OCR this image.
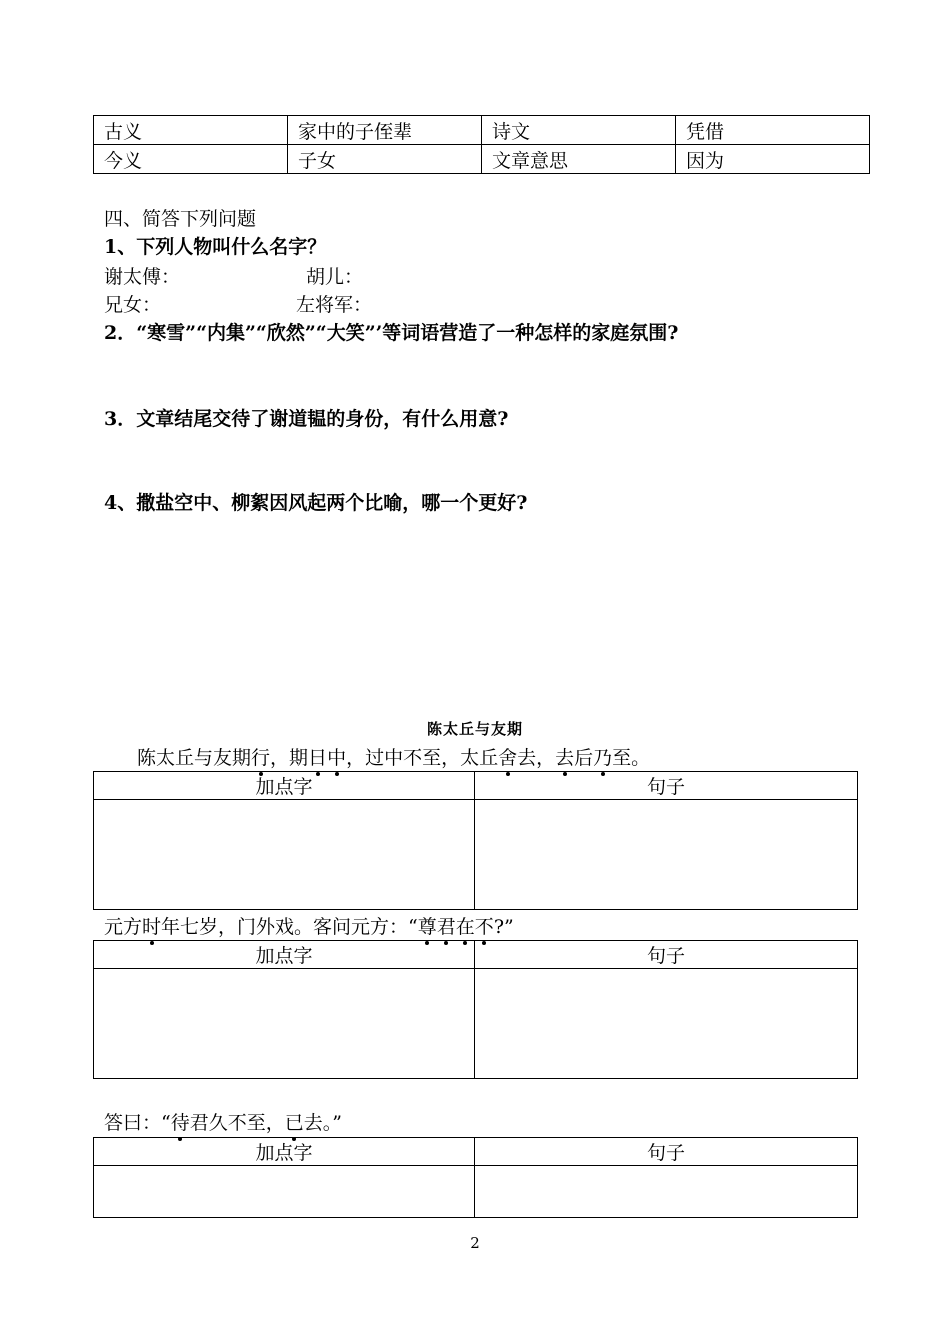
古义	家中的子侄辈	诗文	凭借
今义	子女	文章意思	因为
四、简答下列问题
1、下列人物叫什么名字？
谢太傅：	胡儿：
兄女：	左将军：
2．“寒雪”“内集”“欣然”“大笑”’等词语营造了一种怎样的家庭氛围?
3．文章结尾交待了谢道韫的身份，有什么用意?
4、撒盐空中、柳絮因风起两个比喻，哪一个更好?
陈太丘与友期
陈太丘与友期行
，期日
中
，过中不至，太丘舍
去，去
后乃
至。
加点字	句子

元方时
年七岁，门外戏。客问元方：“尊
君
在
不
?”
加点字	句子

答曰：“待
君久不至，已
去。”
加点字	句子

2
